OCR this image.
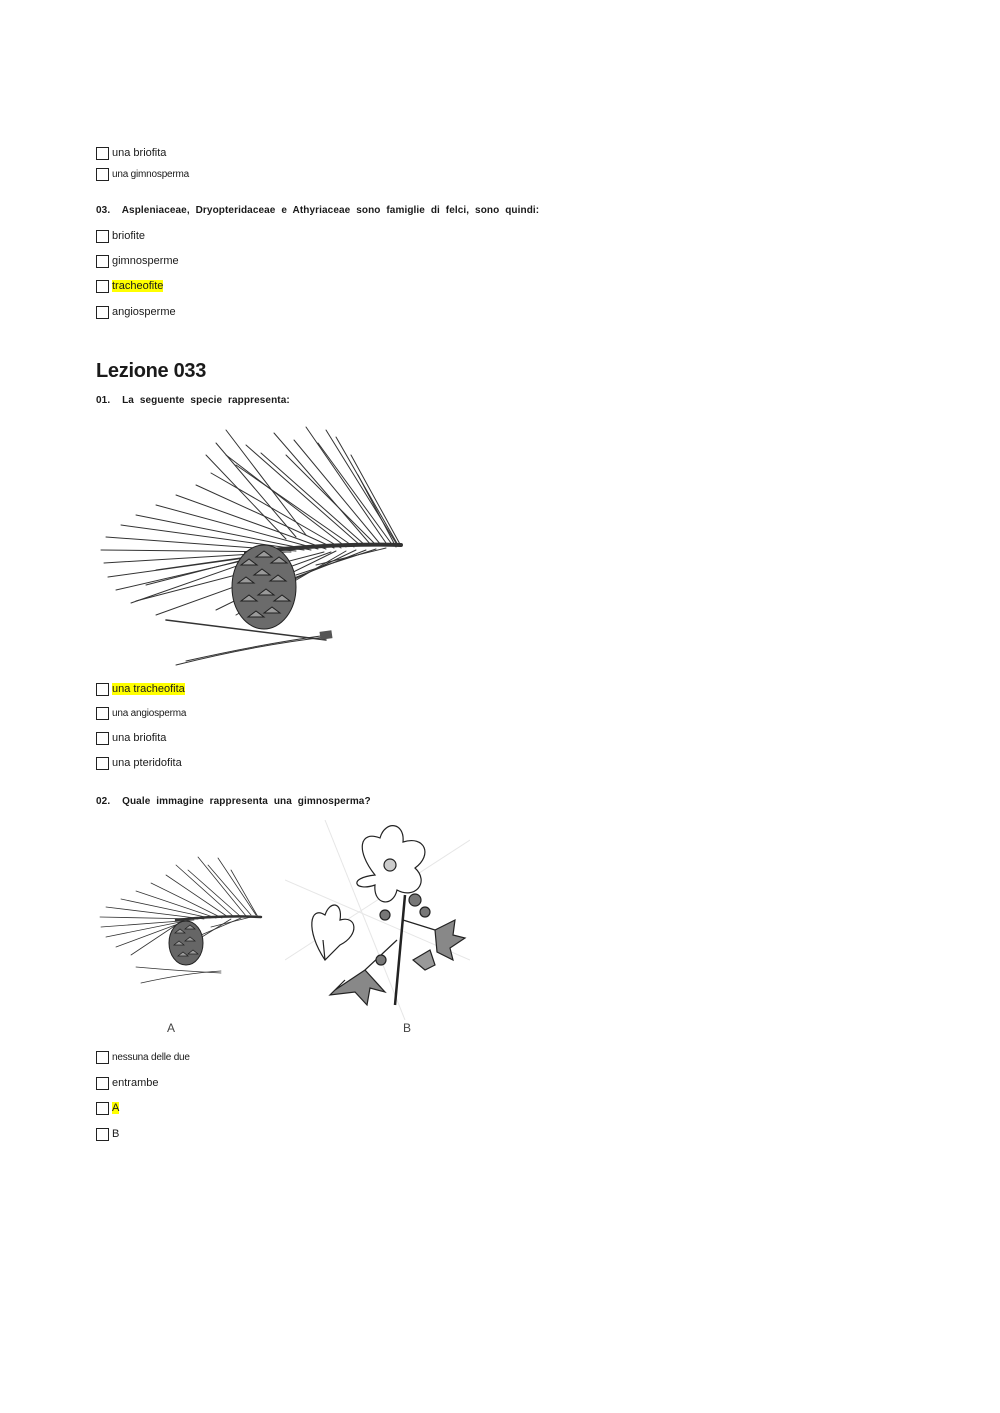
una briofita
una gimnosperma
03. Aspleniaceae, Dryopteridaceae e Athyriaceae sono famiglie di felci, sono quindi:
briofite
gimnosperme
tracheofite
angiosperme
Lezione 033
01. La seguente specie rappresenta:
una tracheofita
una angiosperma
una briofita
una pteridofita
02. Quale immagine rappresenta una gimnosperma?
A	B
nessuna delle due
entrambe
A
B
